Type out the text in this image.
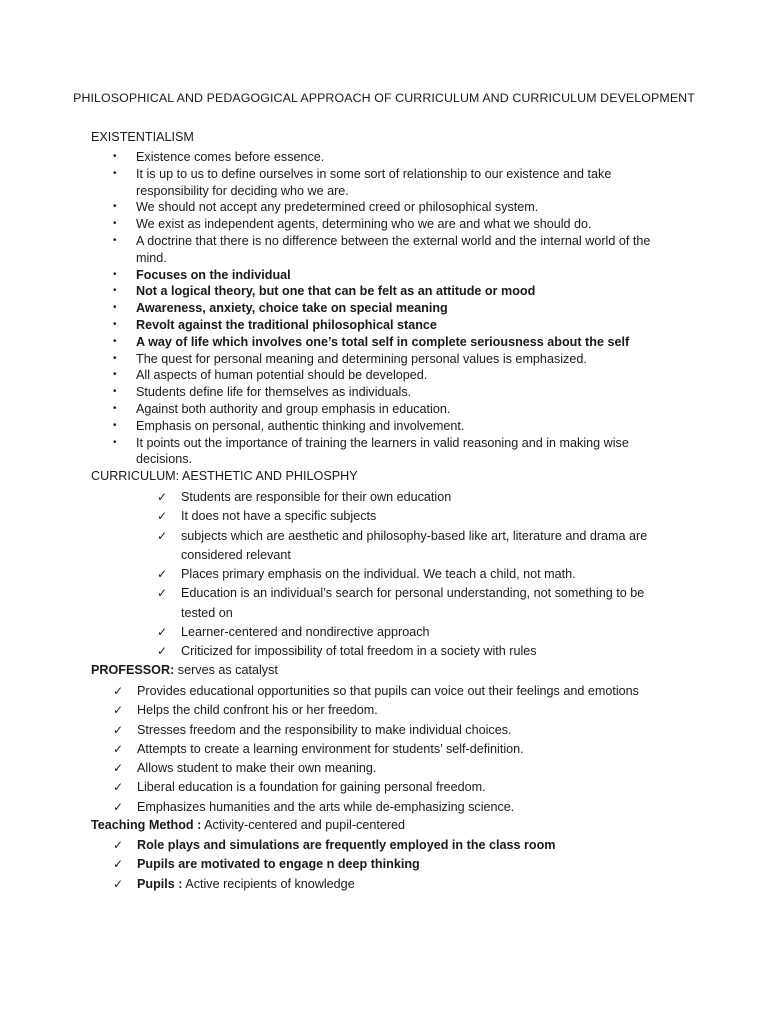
PHILOSOPHICAL AND PEDAGOGICAL APPROACH OF CURRICULUM AND CURRICULUM DEVELOPMENT
EXISTENTIALISM
• Existence comes before essence.
• It is up to us to define ourselves in some sort of relationship to our existence and take responsibility for deciding who we are.
• We should not accept any predetermined creed or philosophical system.
• We exist as independent agents, determining who we are and what we should do.
• A doctrine that there is no difference between the external world and the internal world of the mind.
• Focuses on the individual
• Not a logical theory, but one that can be felt as an attitude or mood
• Awareness, anxiety, choice take on special meaning
• Revolt against the traditional philosophical stance
• A way of life which involves one’s total self in complete seriousness about the self
• The quest for personal meaning and determining personal values is emphasized.
• All aspects of human potential should be developed.
• Students define life for themselves as individuals.
• Against both authority and group emphasis in education.
• Emphasis on personal, authentic thinking and involvement.
• It points out the importance of training the learners in valid reasoning and in making wise decisions.
CURRICULUM: AESTHETIC AND PHILOSPHY
✓ Students are responsible for their own education
✓ It does not have a specific subjects
✓ subjects which are aesthetic and philosophy-based like art, literature and drama are considered relevant
✓ Places primary emphasis on the individual. We teach a child, not math.
✓ Education is an individual’s search for personal understanding, not something to be tested on
✓ Learner-centered and nondirective approach
✓ Criticized for impossibility of total freedom in a society with rules
PROFESSOR: serves as catalyst
✓ Provides educational opportunities so that pupils can voice out their feelings and emotions
✓ Helps the child confront his or her freedom.
✓ Stresses freedom and the responsibility to make individual choices.
✓ Attempts to create a learning environment for students’ self-definition.
✓ Allows student to make their own meaning.
✓ Liberal education is a foundation for gaining personal freedom.
✓ Emphasizes humanities and the arts while de-emphasizing science.
Teaching Method : Activity-centered and pupil-centered
✓ Role plays and simulations are frequently employed in the class room
✓ Pupils are motivated to engage n deep thinking
✓ Pupils : Active recipients of knowledge
